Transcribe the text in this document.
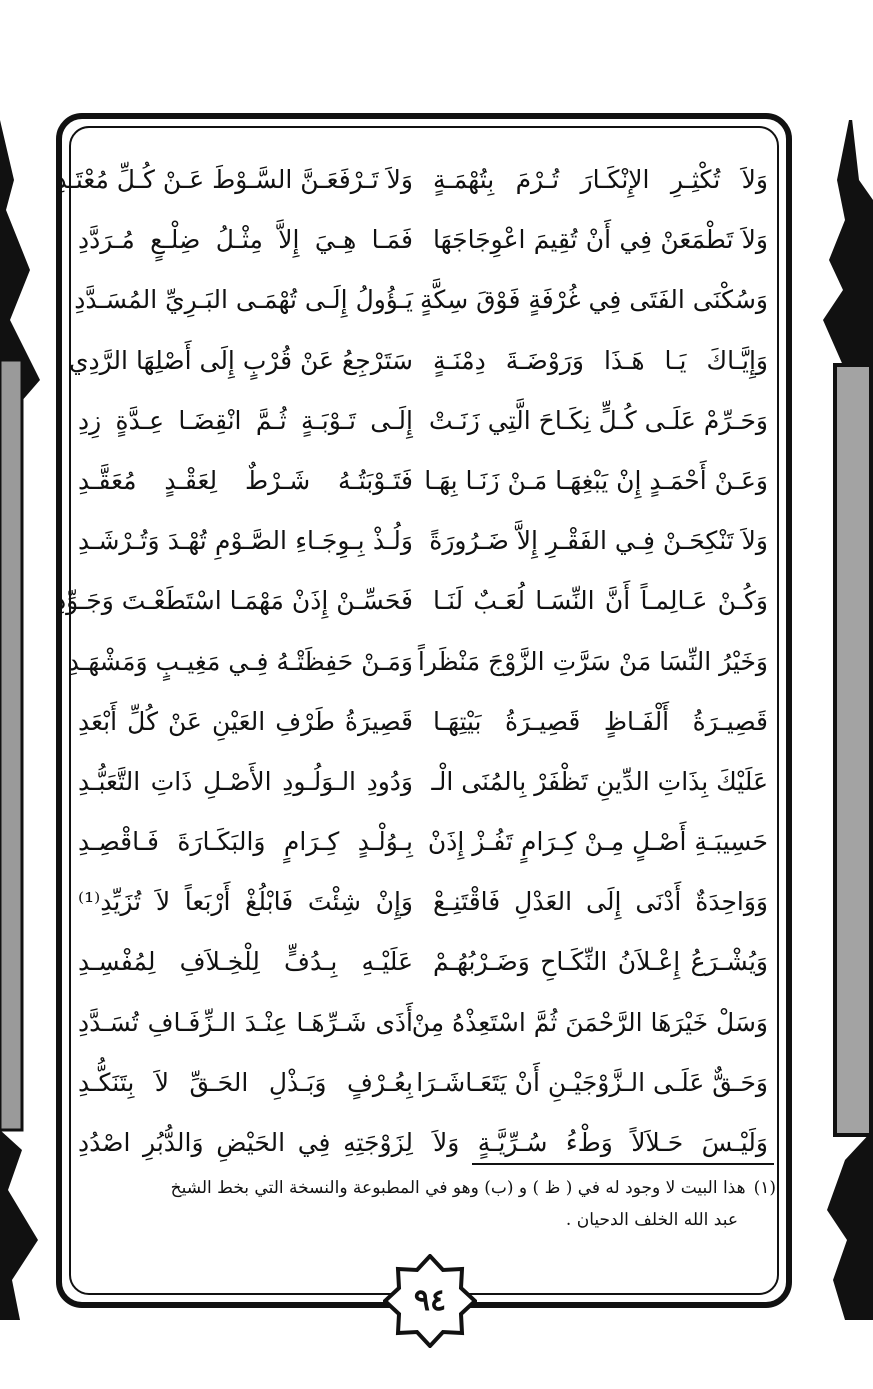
وَلاَ تُكْثِـرِ الإِنْكَـارَ تُـرْمَ بِتُهْمَـةٍ
وَلاَ تَـرْفَعَـنَّ السَّـوْطَ عَـنْ كُـلِّ مُعْتَـدِ
وَلاَ تَطْمَعَنْ فِي أَنْ تُقِيمَ اعْوِجَاجَهَا
فَمَـا هِـيَ إِلاَّ مِثْـلُ ضِلْـعٍ مُـرَدَّدِ
وَسُكْنَى الفَتَى فِي غُرْفَةٍ فَوْقَ سِكَّةٍ
يَـؤُولُ إِلَـى تُهْمَـى البَـرِيِّ المُسَـدَّدِ
وَإِيَّـاكَ يَـا هَـذَا وَرَوْضَـةَ دِمْنَـةٍ
سَتَرْجِعُ عَنْ قُرْبٍ إِلَى أَصْلِهَا الرَّدِي
وَحَـرِّمْ عَلَـى كُـلٍّ نِكَـاحَ الَّتِي زَنَـتْ
إِلَـى تَـوْبَـةٍ ثُـمَّ انْقِضَـا عِـدَّةٍ زِدِ
وَعَـنْ أَحْمَـدٍ إِنْ يَبْغِهَـا مَـنْ زَنَـا بِهَـا
فَتَـوْبَتُـهُ شَـرْطٌ لِعَقْـدٍ مُعَقَّـدِ
وَلاَ تَنْكِحَـنْ فِـي الفَقْـرِ إِلاَّ ضَـرُورَةً
وَلُـذْ بِـوِجَـاءِ الصَّـوْمِ تُهْـدَ وَتُـرْشَـدِ
وَكُـنْ عَـالِمـاً أَنَّ النِّسَـا لُعَـبٌ لَنَـا
فَحَسِّـنْ إِذَنْ مَهْمَـا اسْتَطَعْـتَ وَجَـوِّدِ
وَخَيْرُ النِّسَا مَنْ سَرَّتِ الزَّوْجَ مَنْظَراً
وَمَـنْ حَفِظَتْـهُ فِـي مَغِيـبٍ وَمَشْهَـدِ
قَصِيـرَةُ أَلْفَـاظٍ قَصِيـرَةُ بَيْتِهَـا
قَصِيرَةُ طَرْفِ العَيْنِ عَنْ كُلِّ أَبْعَدِ
عَلَيْكَ بِذَاتِ الدِّينِ تَظْفَرْ بِالمُنَى الْـ
وَدُودِ الـوَلُـودِ الأَصْـلِ ذَاتِ التَّعَبُّـدِ
حَسِيبَـةِ أَصْـلٍ مِـنْ كِـرَامٍ تَفُـزْ إِذَنْ
بِـوُلْـدٍ كِـرَامٍ وَالبَكَـارَةَ فَـاقْصِـدِ
وَوَاحِدَةٌ أَدْنَى إِلَى العَدْلِ فَاقْتَنِـعْ
وَإِنْ شِئْتَ فَابْلُغْ أَرْبَعاً لاَ تُزَيِّدِ⁽¹⁾
وَيُشْـرَعُ إِعْـلاَنُ النِّكَـاحِ وَضَـرْبُهُـمْ
عَلَيْـهِ بِـدُفٍّ لِلْخِـلاَفِ لِمُفْسِـدِ
وَسَلْ خَيْرَهَا الرَّحْمَنَ ثُمَّ اسْتَعِذْهُ مِنْ
أَذَى شَـرِّهَـا عِنْـدَ الـزِّفَـافِ تُسَـدَّدِ
وَحَـقٌّ عَلَـى الـزَّوْجَيْـنِ أَنْ يَتَعَـاشَـرَا
بِعُـرْفٍ وَبَـذْلِ الحَـقِّ لاَ بِتَنَكُّـدِ
وَلَيْـسَ حَـلاَلاً وَطْءُ سُـرِّيَّـةٍ وَلاَ
لِزَوْجَتِهِ فِي الحَيْضِ وَالدُّبُرِ اصْدُدِ
(١)هذا البيت لا وجود له في ( ظ ) و (ب) وهو في المطبوعة والنسخة التي بخط الشيخ
عبد الله الخلف الدحيان .
٩٤
